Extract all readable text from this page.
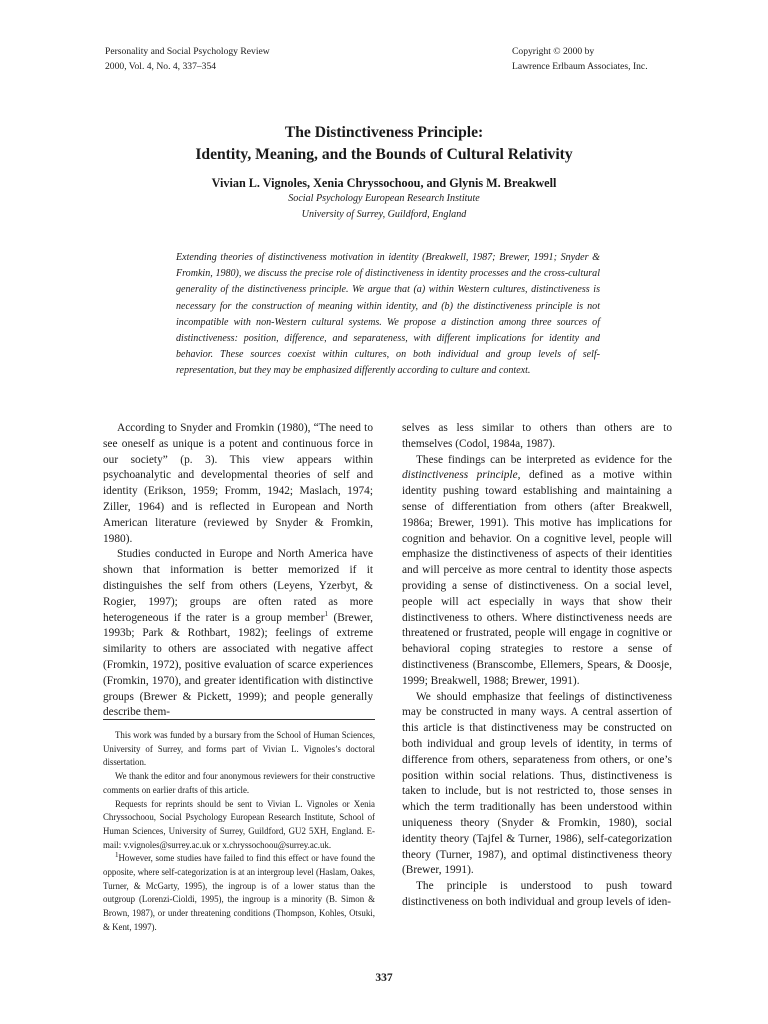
Personality and Social Psychology Review
2000, Vol. 4, No. 4, 337–354
Copyright © 2000 by
Lawrence Erlbaum Associates, Inc.
The Distinctiveness Principle:
Identity, Meaning, and the Bounds of Cultural Relativity
Vivian L. Vignoles, Xenia Chryssochoou, and Glynis M. Breakwell
Social Psychology European Research Institute
University of Surrey, Guildford, England
Extending theories of distinctiveness motivation in identity (Breakwell, 1987; Brewer, 1991; Snyder & Fromkin, 1980), we discuss the precise role of distinctiveness in identity processes and the cross-cultural generality of the distinctiveness principle. We argue that (a) within Western cultures, distinctiveness is necessary for the construction of meaning within identity, and (b) the distinctiveness principle is not incompatible with non-Western cultural systems. We propose a distinction among three sources of distinctiveness: position, difference, and separateness, with different implications for identity and behavior. These sources coexist within cultures, on both individual and group levels of self-representation, but they may be emphasized differently according to culture and context.

According to Snyder and Fromkin (1980), “The need to see oneself as unique is a potent and continuous force in our society” (p. 3). This view appears within psychoanalytic and developmental theories of self and identity (Erikson, 1959; Fromm, 1942; Maslach, 1974; Ziller, 1964) and is reflected in European and North American literature (reviewed by Snyder & Fromkin, 1980).

Studies conducted in Europe and North America have shown that information is better memorized if it distinguishes the self from others (Leyens, Yzerbyt, & Rogier, 1997); groups are often rated as more heterogeneous if the rater is a group member$^1$ (Brewer, 1993b; Park & Rothbart, 1982); feelings of extreme similarity to others are associated with negative affect (Fromkin, 1972), positive evaluation of scarce experiences (Fromkin, 1970), and greater identification with distinctive groups (Brewer & Pickett, 1999); and people generally describe them-

This work was funded by a bursary from the School of Human Sciences, University of Surrey, and forms part of Vivian L. Vignoles’s doctoral dissertation.

We thank the editor and four anonymous reviewers for their constructive comments on earlier drafts of this article.

Requests for reprints should be sent to Vivian L. Vignoles or Xenia Chryssochoou, Social Psychology European Research Institute, School of Human Sciences, University of Surrey, Guildford, GU2 5XH, England. E-mail: v.vignoles@surrey.ac.uk or x.chryssochoou@surrey.ac.uk.

$^1$However, some studies have failed to find this effect or have found the opposite, where self-categorization is at an intergroup level (Haslam, Oakes, Turner, & McGarty, 1995), the ingroup is of a lower status than the outgroup (Lorenzi-Cioldi, 1995), the ingroup is a minority (B. Simon & Brown, 1987), or under threatening conditions (Thompson, Kohles, Otsuki, & Kent, 1997).

selves as less similar to others than others are to themselves (Codol, 1984a, 1987).

These findings can be interpreted as evidence for the distinctiveness principle, defined as a motive within identity pushing toward establishing and maintaining a sense of differentiation from others (after Breakwell, 1986a; Brewer, 1991). This motive has implications for cognition and behavior. On a cognitive level, people will emphasize the distinctiveness of aspects of their identities and will perceive as more central to identity those aspects providing a sense of distinctiveness. On a social level, people will act especially in ways that show their distinctiveness to others. Where distinctiveness needs are threatened or frustrated, people will engage in cognitive or behavioral coping strategies to restore a sense of distinctiveness (Branscombe, Ellemers, Spears, & Doosje, 1999; Breakwell, 1988; Brewer, 1991).

We should emphasize that feelings of distinctiveness may be constructed in many ways. A central assertion of this article is that distinctiveness may be constructed on both individual and group levels of identity, in terms of difference from others, separateness from others, or one’s position within social relations. Thus, distinctiveness is taken to include, but is not restricted to, those senses in which the term traditionally has been understood within uniqueness theory (Snyder & Fromkin, 1980), social identity theory (Tajfel & Turner, 1986), self-categorization theory (Turner, 1987), and optimal distinctiveness theory (Brewer, 1991).

The principle is understood to push toward distinctiveness on both individual and group levels of iden-

337
